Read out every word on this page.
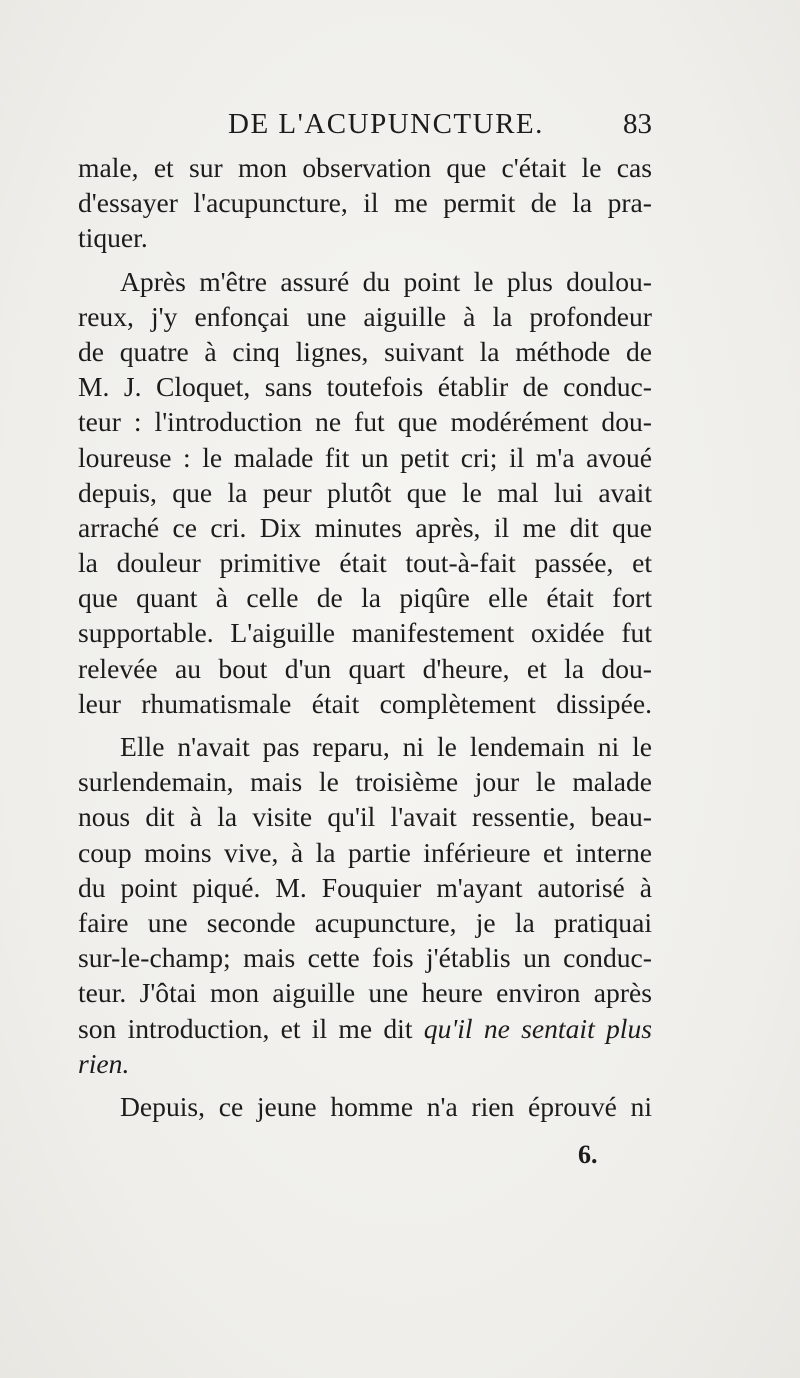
DE L'ACUPUNCTURE.	83
male, et sur mon observation que c'était le cas
d'essayer l'acupuncture, il me permit de la pra-
tiquer.
Après m'être assuré du point le plus doulou-
reux, j'y enfonçai une aiguille à la profondeur
de quatre à cinq lignes, suivant la méthode de
M. J. Cloquet, sans toutefois établir de conduc-
teur : l'introduction ne fut que modérément dou-
loureuse : le malade fit un petit cri; il m'a avoué
depuis, que la peur plutôt que le mal lui avait
arraché ce cri. Dix minutes après, il me dit que
la douleur primitive était tout-à-fait passée, et
que quant à celle de la piqûre elle était fort
supportable. L'aiguille manifestement oxidée fut
relevée au bout d'un quart d'heure, et la dou-
leur rhumatismale était complètement dissipée.
Elle n'avait pas reparu, ni le lendemain ni le
surlendemain, mais le troisième jour le malade
nous dit à la visite qu'il l'avait ressentie, beau-
coup moins vive, à la partie inférieure et interne
du point piqué. M. Fouquier m'ayant autorisé à
faire une seconde acupuncture, je la pratiquai
sur-le-champ; mais cette fois j'établis un conduc-
teur. J'ôtai mon aiguille une heure environ après
son introduction, et il me dit qu'il ne sentait plus
rien.
Depuis, ce jeune homme n'a rien éprouvé ni
6.
